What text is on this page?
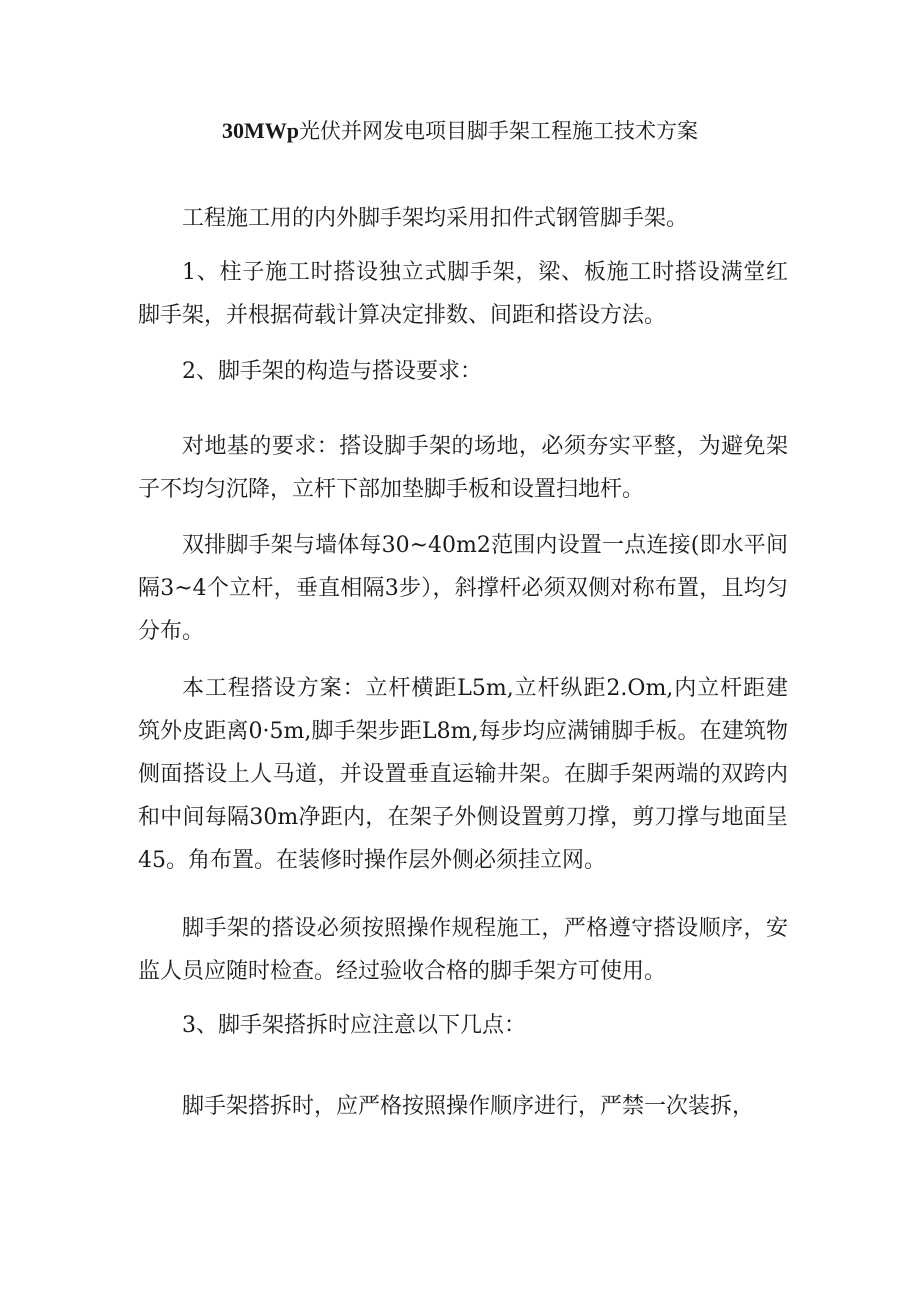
30MWp光伏并网发电项目脚手架工程施工技术方案

工程施工用的内外脚手架均采用扣件式钢管脚手架。

1、柱子施工时搭设独立式脚手架，梁、板施工时搭设满堂红脚手架，并根据荷载计算决定排数、间距和搭设方法。

2、脚手架的构造与搭设要求：

对地基的要求：搭设脚手架的场地，必须夯实平整，为避免架子不均匀沉降，立杆下部加垫脚手板和设置扫地杆。

双排脚手架与墙体每30~40m2范围内设置一点连接(即水平间隔3~4个立杆，垂直相隔3步），斜撑杆必须双侧对称布置，且均匀分布。

本工程搭设方案：立杆横距L5m,立杆纵距2.Om,内立杆距建筑外皮距离0·5m,脚手架步距L8m,每步均应满铺脚手板。在建筑物侧面搭设上人马道，并设置垂直运输井架。在脚手架两端的双跨内和中间每隔30m净距内，在架子外侧设置剪刀撑，剪刀撑与地面呈45。角布置。在装修时操作层外侧必须挂立网。

脚手架的搭设必须按照操作规程施工，严格遵守搭设顺序，安监人员应随时检查。经过验收合格的脚手架方可使用。

3、脚手架搭拆时应注意以下几点：

脚手架搭拆时，应严格按照操作顺序进行，严禁一次装拆，
